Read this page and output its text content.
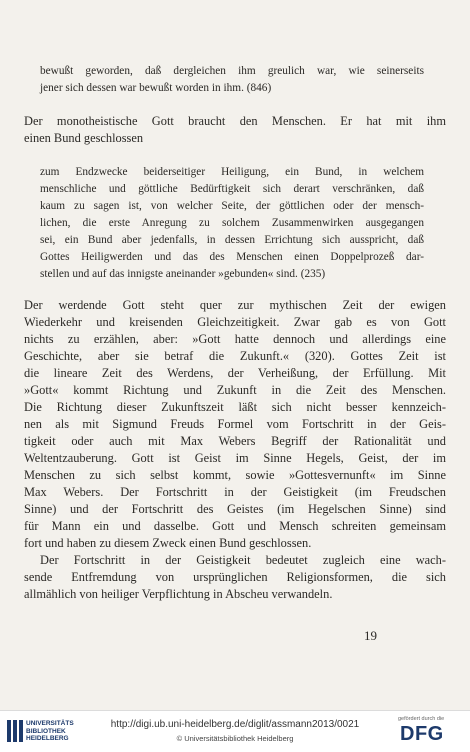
bewußt geworden, daß dergleichen ihm greulich war, wie seinerseits
jener sich dessen war bewußt worden in ihm. (846)
Der monotheistische Gott braucht den Menschen. Er hat mit ihm
einen Bund geschlossen
zum Endzwecke beiderseitiger Heiligung, ein Bund, in welchem
menschliche und göttliche Bedürftigkeit sich derart verschränken, daß
kaum zu sagen ist, von welcher Seite, der göttlichen oder der mensch-
lichen, die erste Anregung zu solchem Zusammenwirken ausgegangen
sei, ein Bund aber jedenfalls, in dessen Errichtung sich ausspricht, daß
Gottes Heiligwerden und das des Menschen einen Doppelprozeß dar-
stellen und auf das innigste aneinander »gebunden« sind. (235)
Der werdende Gott steht quer zur mythischen Zeit der ewigen
Wiederkehr und kreisenden Gleichzeitigkeit. Zwar gab es von Gott
nichts zu erzählen, aber: »Gott hatte dennoch und allerdings eine
Geschichte, aber sie betraf die Zukunft.« (320). Gottes Zeit ist
die lineare Zeit des Werdens, der Verheißung, der Erfüllung. Mit
»Gott« kommt Richtung und Zukunft in die Zeit des Menschen.
Die Richtung dieser Zukunftszeit läßt sich nicht besser kennzeich-
nen als mit Sigmund Freuds Formel vom Fortschritt in der Geis-
tigkeit oder auch mit Max Webers Begriff der Rationalität und
Weltentzauberung. Gott ist Geist im Sinne Hegels, Geist, der im
Menschen zu sich selbst kommt, sowie »Gottesvernunft« im Sinne
Max Webers. Der Fortschritt in der Geistigkeit (im Freudschen
Sinne) und der Fortschritt des Geistes (im Hegelschen Sinne) sind
für Mann ein und dasselbe. Gott und Mensch schreiten gemeinsam
fort und haben zu diesem Zweck einen Bund geschlossen.
Der Fortschritt in der Geistigkeit bedeutet zugleich eine wach-
sende Entfremdung von ursprünglichen Religionsformen, die sich
allmählich von heiliger Verpflichtung in Abscheu verwandeln.
19
UNIVERSITÄTS
BIBLIOTHEK
HEIDELBERG
http://digi.ub.uni-heidelberg.de/diglit/assmann2013/0021
© Universitätsbibliothek Heidelberg
gefördert durch die
DFG
